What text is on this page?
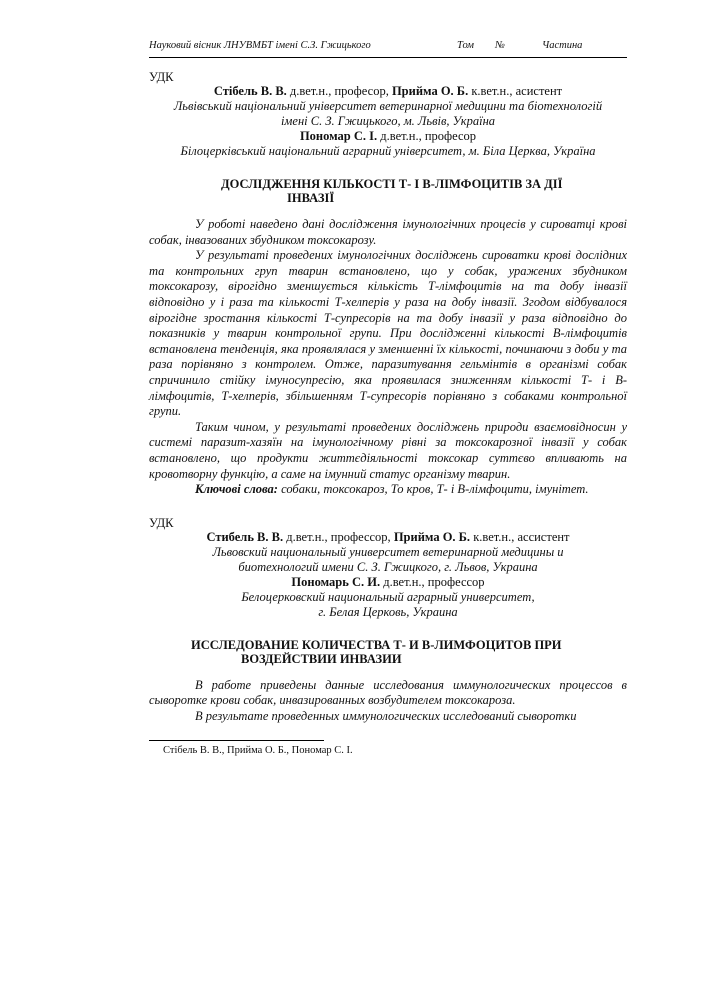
Науковий вісник ЛНУВМБТ імені С.З. Гжицького	Том №	Частина
УДК
Стібель В. В. д.вет.н., професор, Прийма О. Б. к.вет.н., асистент
Львівський національний університет ветеринарної медицини та біотехнологій
імені С. З. Гжицького, м. Львів, Україна
Пономар С. І. д.вет.н., професор
Білоцерківський національний аграрний університет, м. Біла Церква, Україна
ДОСЛІДЖЕННЯ КІЛЬКОСТІ Т- І В-ЛІМФОЦИТІВ ЗА ДІЇ
ІНВАЗІЇ

У роботі наведено дані дослідження імунологічних процесів у сироватці крові собак, інвазованих збудником токсокарозу.

У результаті проведених імунологічних досліджень сироватки крові дослідних та контрольних груп тварин встановлено, що у собак, уражених збудником токсокарозу, вірогідно зменшується кількість Т-лімфоцитів на та добу інвазії відповідно у і раза та кількості Т-хелперів у раза на добу інвазії. Згодом відбувалося вірогідне зростання кількості Т-супресорів на та добу інвазії у раза відповідно до показників у тварин контрольної групи. При дослідженні кількості В-лімфоцитів встановлена тенденція, яка проявлялася у зменшенні їх кількості, починаючи з доби у та раза порівняно з контролем. Отже, паразитування гельмінтів в організмі собак спричинило стійку імуносупресію, яка проявилася зниженням кількості Т- і В-лімфоцитів, Т-хелперів, збільшенням Т-супресорів порівняно з собаками контрольної групи.

Таким чином, у результаті проведених досліджень природи взаємовідносин у системі паразит-хазяїн на імунологічному рівні за токсокарозної інвазії у собак встановлено, що продукти життєдіяльності токсокар суттєво впливають на кровотворну функцію, а саме на імунний статус організму тварин.

Ключові слова: собаки, токсокароз, То кров, Т- і В-лімфоцити, імунітет.

УДК
Стибель В. В. д.вет.н., профессор, Прийма О. Б. к.вет.н., ассистент
Львовский национальный университет ветеринарной медицины и
биотехнологий имени С. З. Гжицкого, г. Львов, Украина
Пономарь С. И. д.вет.н., профессор
Белоцерковский национальный аграрный университет,
г. Белая Церковь, Украина
ИССЛЕДОВАНИЕ КОЛИЧЕСТВА Т- И В-ЛИМФОЦИТОВ ПРИ
ВОЗДЕЙСТВИИ ИНВАЗИИ

В работе приведены данные исследования иммунологических процессов в сыворотке крови собак, инвазированных возбудителем токсокароза.

В результате проведенных иммунологических исследований сыворотки

Стібель В. В., Прийма О. Б., Пономар С. І.
